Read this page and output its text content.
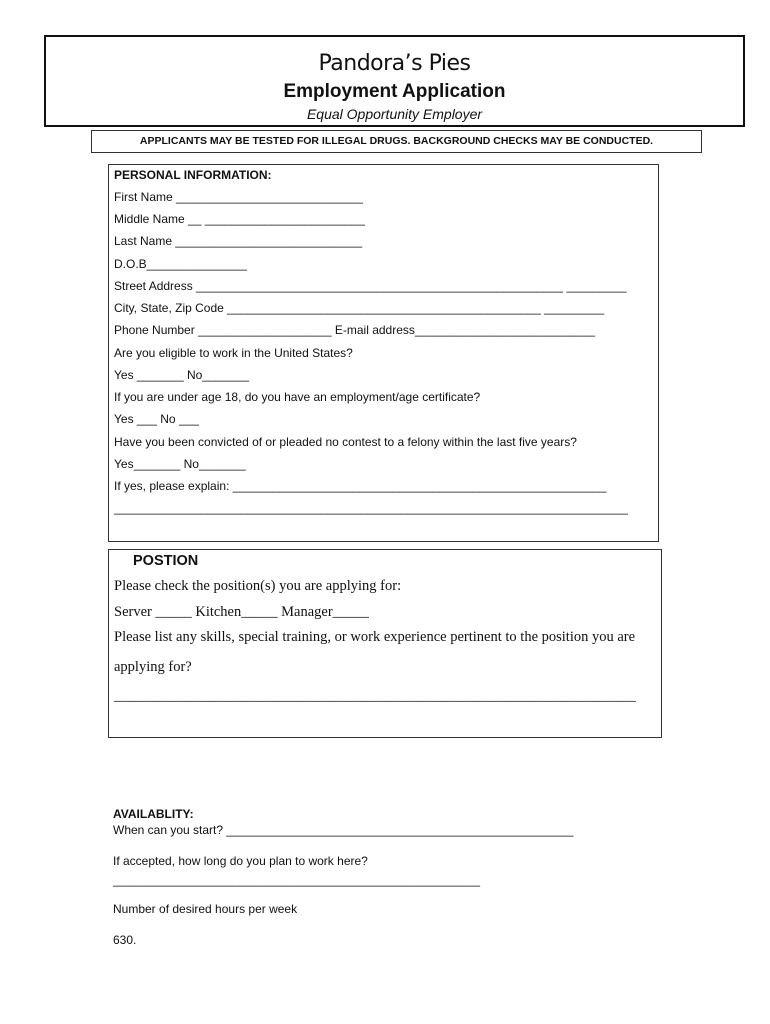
Pandora’s Pies
Employment Application
Equal Opportunity Employer
APPLICANTS MAY BE TESTED FOR ILLEGAL DRUGS. BACKGROUND CHECKS MAY BE CONDUCTED.
PERSONAL INFORMATION:
First Name ____________________________
Middle Name __ ________________________
Last Name ____________________________
D.O.B_______________
Street Address _______________________________________________________ _________
City, State, Zip Code _______________________________________________ _________
Phone Number ____________________ E-mail address___________________________
Are you eligible to work in the United States?
Yes _______ No_______
If you are under age 18, do you have an employment/age certificate?
Yes ___ No ___
Have you been convicted of or pleaded no contest to a felony within the last five years?
Yes_______ No_______
If yes, please explain: ________________________________________________________
_____________________________________________________________________________
POSTION
Please check the position(s) you are applying for:
Server _____ Kitchen_____ Manager_____
Please list any skills, special training, or work experience pertinent to the position you are
applying for?
________________________________________________________________________
AVAILABLITY:
When can you start? ____________________________________________________
If accepted, how long do you plan to work here?
_______________________________________________________
Number of desired hours per week
630.
